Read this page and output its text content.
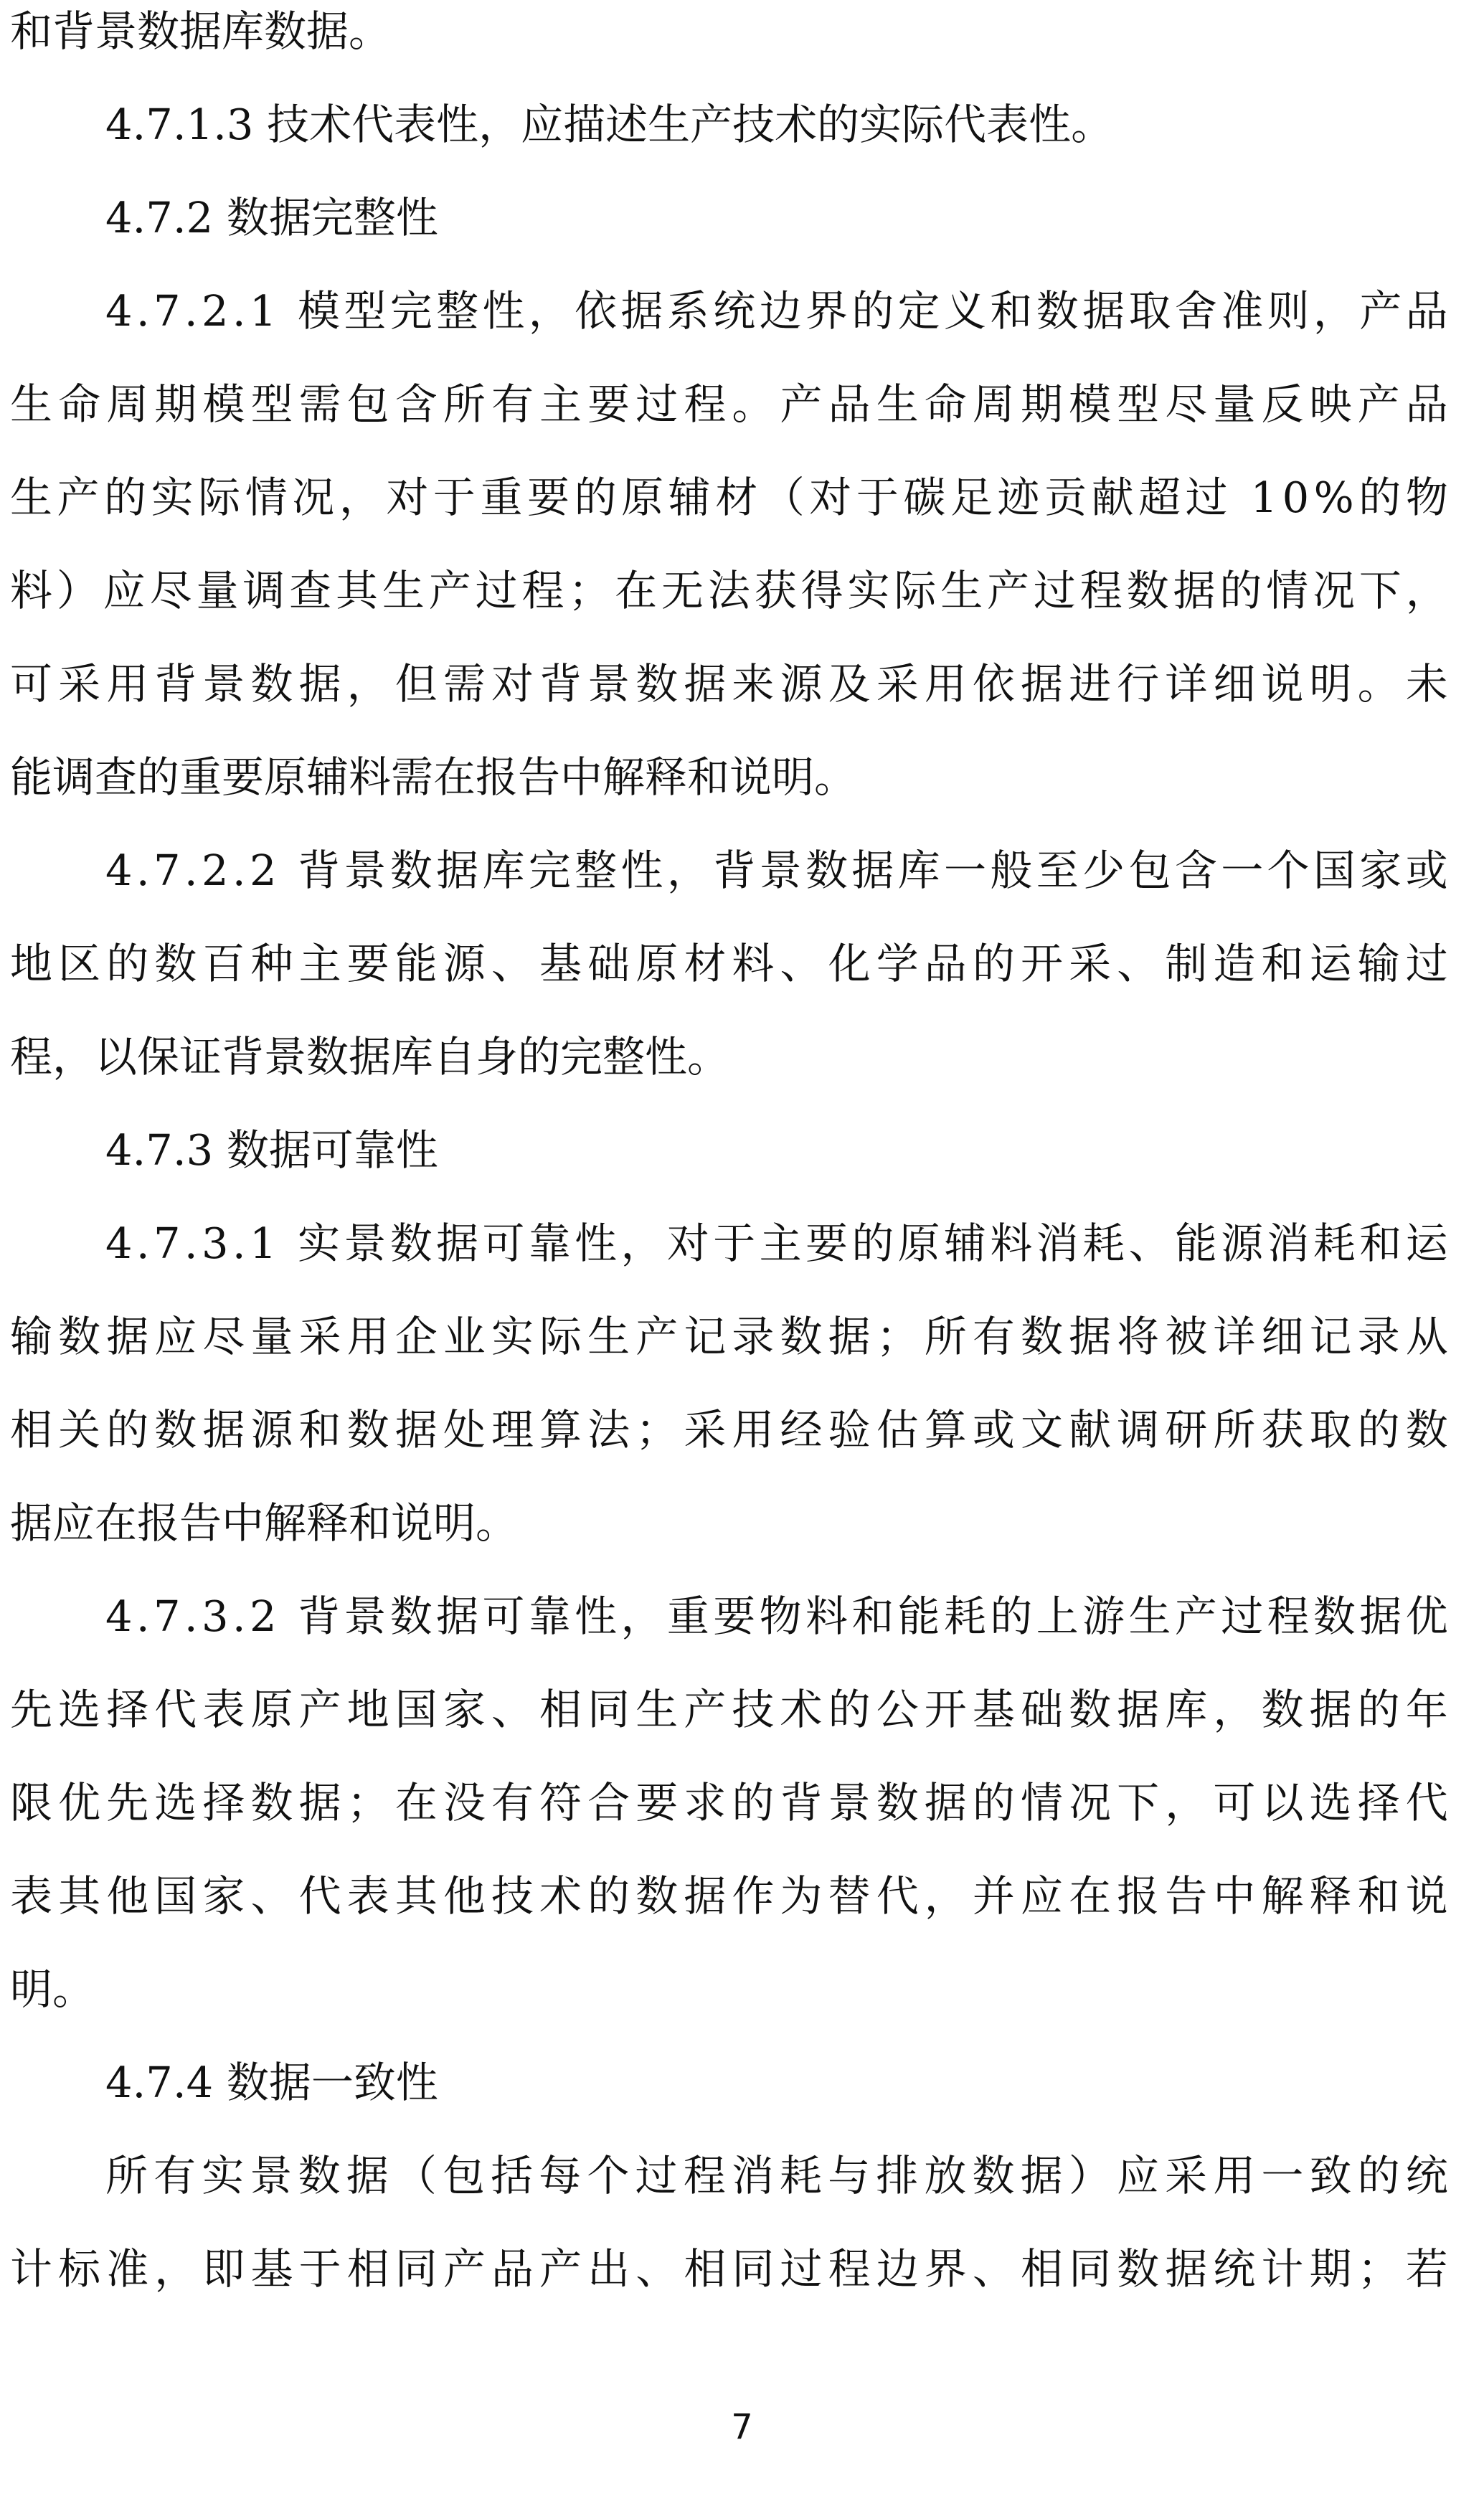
和背景数据库数据。
4.7.1.3 技术代表性，应描述生产技术的实际代表性。
4.7.2 数据完整性
4 . 7 . 2 . 1
模 型 完 整 性 ， 依 据 系 统 边 界 的 定 义 和 数 据 取 舍 准 则 ， 产 品
生 命 周 期 模 型 需 包 含 所 有 主 要 过 程 。 产 品 生 命 周 期 模 型 尽 量 反 映 产 品
生 产 的 实 际 情 况 ， 对 于 重 要 的 原 辅 材 （ 对 于 碳 足 迹 贡 献 超 过
1 0 % 的 物
料 ） 应 尽 量 调 查 其 生 产 过 程 ； 在 无 法 获 得 实 际 生 产 过 程 数 据 的 情 况 下 ，
可 采 用 背 景 数 据 ， 但 需 对 背 景 数 据 来 源 及 采 用 依 据 进 行 详 细 说 明 。 未
能调查的重要原辅料需在报告中解释和说明。
4 . 7 . 2 . 2
背 景 数 据 库 完 整 性 ， 背 景 数 据 库 一 般 至 少 包 含 一 个 国 家 或
地 区 的 数 百 种 主 要 能 源 、 基 础 原 材 料 、 化 学 品 的 开 采 、 制 造 和 运 输 过
程，以保证背景数据库自身的完整性。
4.7.3 数据可靠性
4 . 7 . 3 . 1
实 景 数 据 可 靠 性 ， 对 于 主 要 的 原 辅 料 消 耗 、 能 源 消 耗 和 运
输 数 据 应 尽 量 采 用 企 业 实 际 生 产 记 录 数 据 ； 所 有 数 据 将 被 详 细 记 录 从
相 关 的 数 据 源 和 数 据 处 理 算 法 ； 采 用 经 验 估 算 或 文 献 调 研 所 获 取 的 数
据应在报告中解释和说明。
4 . 7 . 3 . 2
背 景 数 据 可 靠 性 ， 重 要 物 料 和 能 耗 的 上 游 生 产 过 程 数 据 优
先 选 择 代 表 原 产 地 国 家 、 相 同 生 产 技 术 的 公 开 基 础 数 据 库 ， 数 据 的 年
限 优 先 选 择 数 据 ； 在 没 有 符 合 要 求 的 背 景 数 据 的 情 况 下 ， 可 以 选 择 代
表 其 他 国 家 、 代 表 其 他 技 术 的 数 据 作 为 替 代 ， 并 应 在 报 告 中 解 释 和 说
明。
4.7.4 数据一致性
所 有 实 景 数 据 （ 包 括 每 个 过 程 消 耗 与 排 放 数 据 ） 应 采 用 一 致 的 统
计 标 准 ， 即 基 于 相 同 产 品 产 出 、 相 同 过 程 边 界 、 相 同 数 据 统 计 期 ； 若
7
